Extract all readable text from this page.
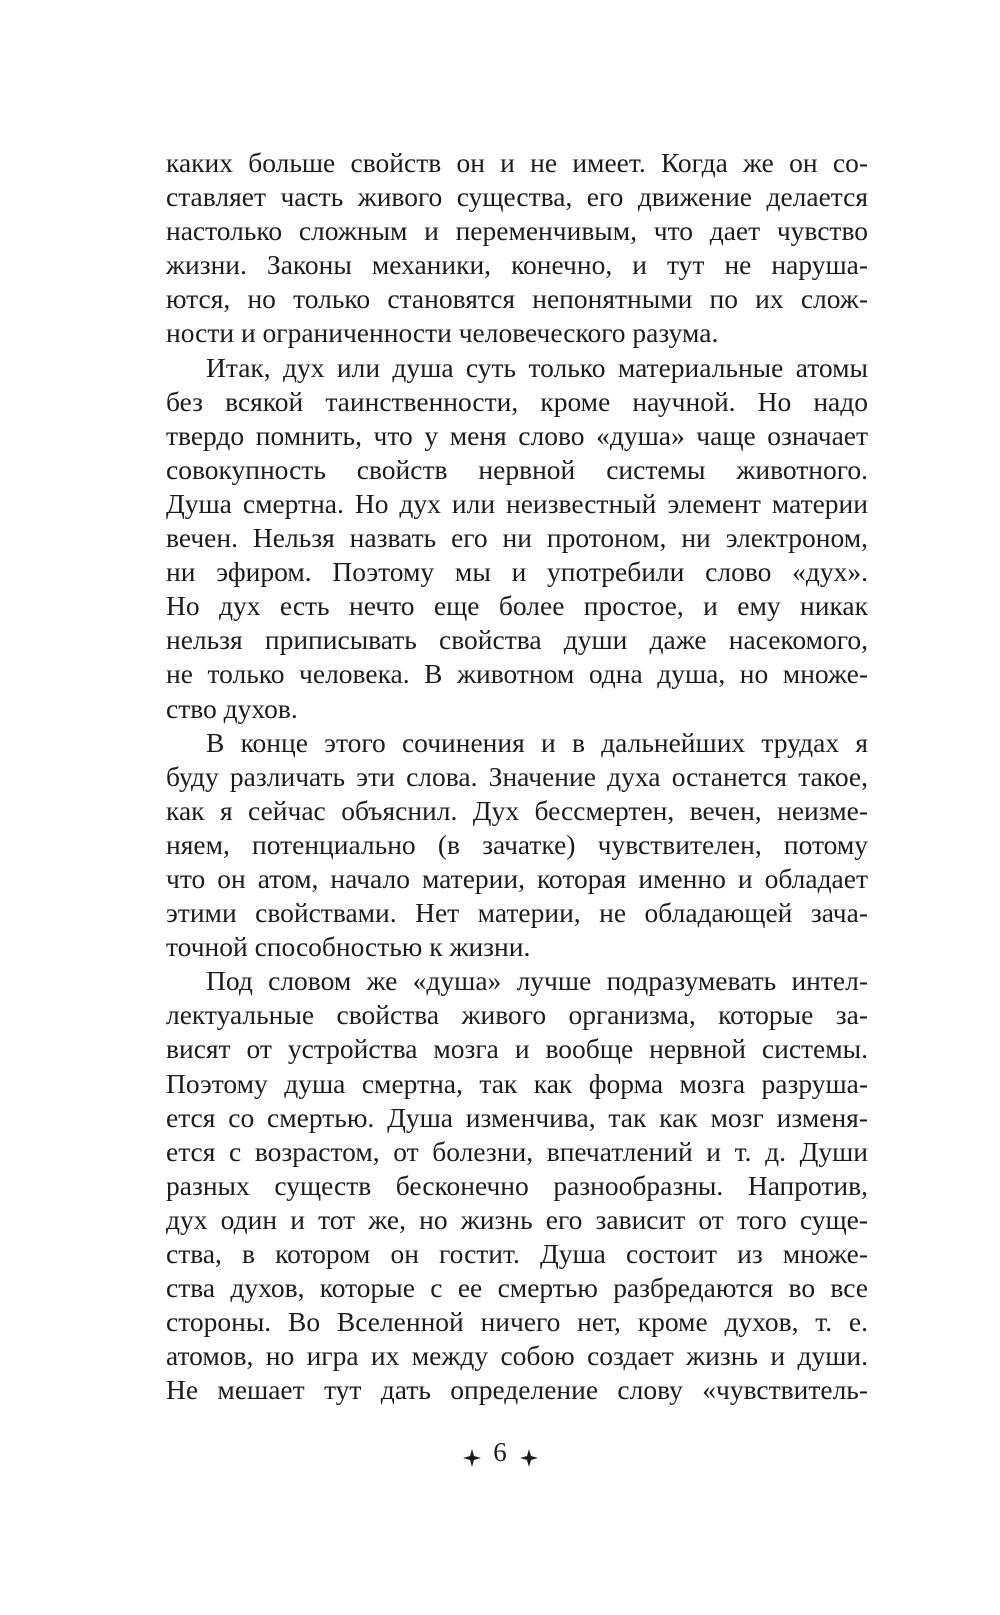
каких больше свойств он и не имеет. Когда же он со-
ставляет часть живого существа, его движение делается
настолько сложным и переменчивым, что дает чувство
жизни. Законы механики, конечно, и тут не наруша-
ются, но только становятся непонятными по их слож-
ности и ограниченности человеческого разума.
Итак, дух или душа суть только материальные атомы
без всякой таинственности, кроме научной. Но надо
твердо помнить, что у меня слово «душа» чаще означает
совокупность свойств нервной системы животного.
Душа смертна. Но дух или неизвестный элемент материи
вечен. Нельзя назвать его ни протоном, ни электроном,
ни эфиром. Поэтому мы и употребили слово «дух».
Но дух есть нечто еще более простое, и ему никак
нельзя приписывать свойства души даже насекомого,
не только человека. В животном одна душа, но множе-
ство духов.
В конце этого сочинения и в дальнейших трудах я
буду различать эти слова. Значение духа останется такое,
как я сейчас объяснил. Дух бессмертен, вечен, неизме-
няем, потенциально (в зачатке) чувствителен, потому
что он атом, начало материи, которая именно и обладает
этими свойствами. Нет материи, не обладающей зача-
точной способностью к жизни.
Под словом же «душа» лучше подразумевать интел-
лектуальные свойства живого организма, которые за-
висят от устройства мозга и вообще нервной системы.
Поэтому душа смертна, так как форма мозга разруша-
ется со смертью. Душа изменчива, так как мозг изменя-
ется с возрастом, от болезни, впечатлений и т. д. Души
разных существ бесконечно разнообразны. Напротив,
дух один и тот же, но жизнь его зависит от того суще-
ства, в котором он гостит. Душа состоит из множе-
ства духов, которые с ее смертью разбредаются во все
стороны. Во Вселенной ничего нет, кроме духов, т. е.
атомов, но игра их между собою создает жизнь и души.
Не мешает тут дать определение слову «чувствитель-
6
